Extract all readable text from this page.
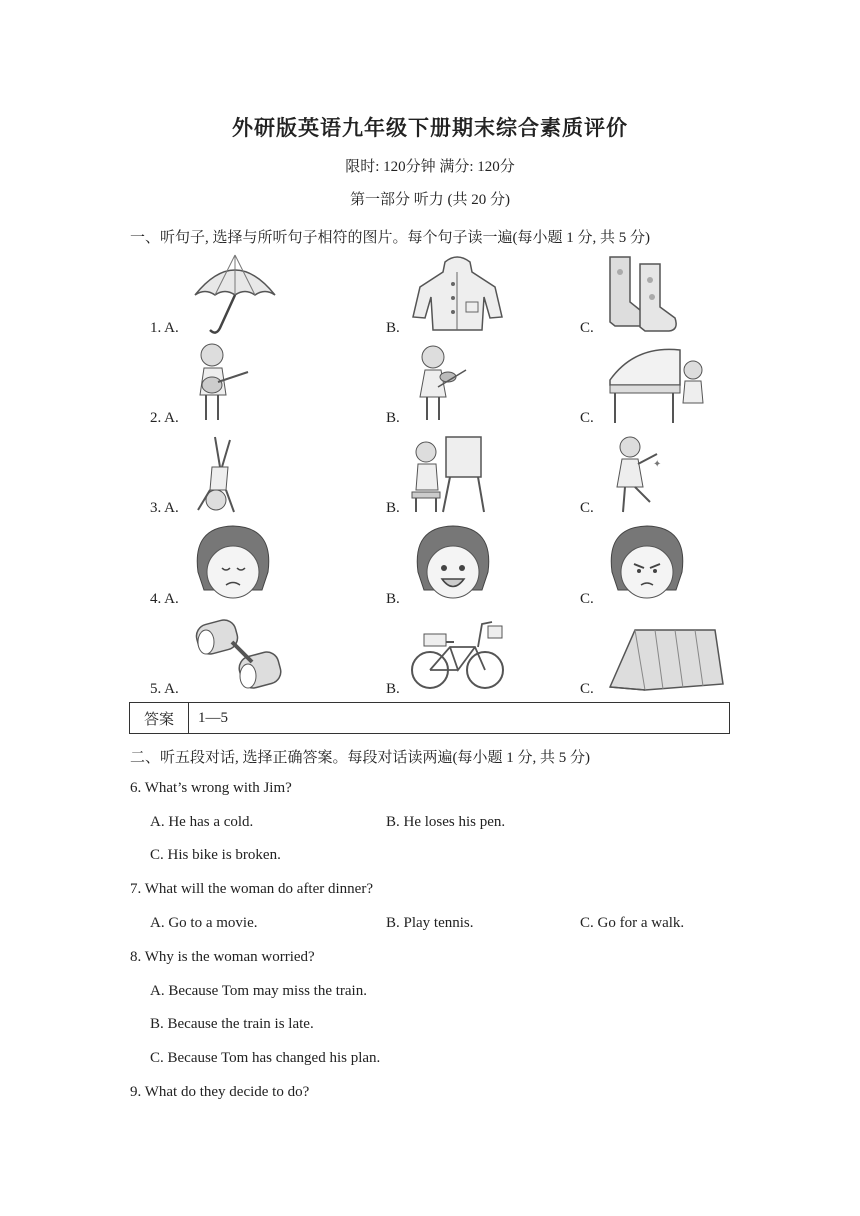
外研版英语九年级下册期末综合素质评价
限时: 120分钟 满分: 120分
第一部分 听力 (共 20 分)
一、听句子, 选择与所听句子相符的图片。每个句子读一遍(每小题 1 分, 共 5 分)
1. A.	B.	C.
2. A.	B.	C.
3. A.	B.	C.
4. A.	B.	C.
5. A.	B.	C.
✦
答案	1—5
二、听五段对话, 选择正确答案。每段对话读两遍(每小题 1 分, 共 5 分)
6. What’s wrong with Jim?
A. He has a cold.	B. He loses his pen.
C. His bike is broken.
7. What will the woman do after dinner?
A. Go to a movie.	B. Play tennis.	C. Go for a walk.
8. Why is the woman worried?
A. Because Tom may miss the train.
B. Because the train is late.
C. Because Tom has changed his plan.
9. What do they decide to do?
